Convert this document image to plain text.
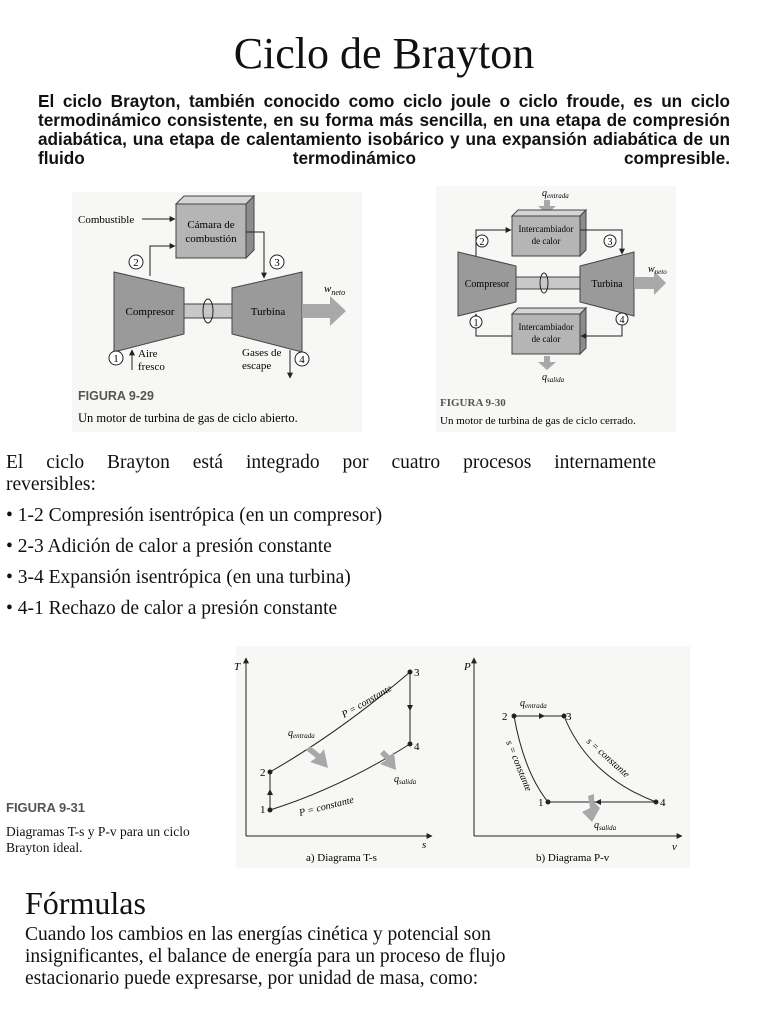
Ciclo de Brayton
El ciclo Brayton, también conocido como ciclo joule o ciclo froude, es un ciclo termodinámico consistente, en su forma más sencilla, en una etapa de compresión adiabática, una etapa de calentamiento isobárico y una expansión adiabática de un fluido termodinámico compresible.
Cámara de
combustión
Combustible
Compresor	Turbina
$w_{neto}$
2	3
1	4
Aire
fresco
Gases de
escape
FIGURA 9-29
Un motor de turbina de gas de ciclo abierto.
$q_{entrada}$
Intercambiador
de calor
Compresor	Turbina
$w_{neto}$
Intercambiador
de calor
$q_{salida}$
2	3
1	4
FIGURA 9-30
Un motor de turbina de gas de ciclo cerrado.

El ciclo Brayton está integrado por cuatro procesos internamente

reversibles:

• 1-2 Compresión isentrópica (en un compresor)

• 2-3 Adición de calor a presión constante

• 3-4 Expansión isentrópica (en una turbina)

• 4-1 Rechazo de calor a presión constante

FIGURA 9-31
Diagramas T-s y P-v para un ciclo
Brayton ideal.
T
s
1
2
3
4
P = constante
P = constante
$q_{entrada}$
$q_{salida}$
a) Diagrama T-s
P
v
2	3
4
1
$q_{entrada}$
s = constante	s = constante
$q_{salida}$
b) Diagrama P-v
Fórmulas
Cuando los cambios en las energías cinética y potencial son insignificantes, el balance de energía para un proceso de flujo estacionario puede expresarse, por unidad de masa, como:
